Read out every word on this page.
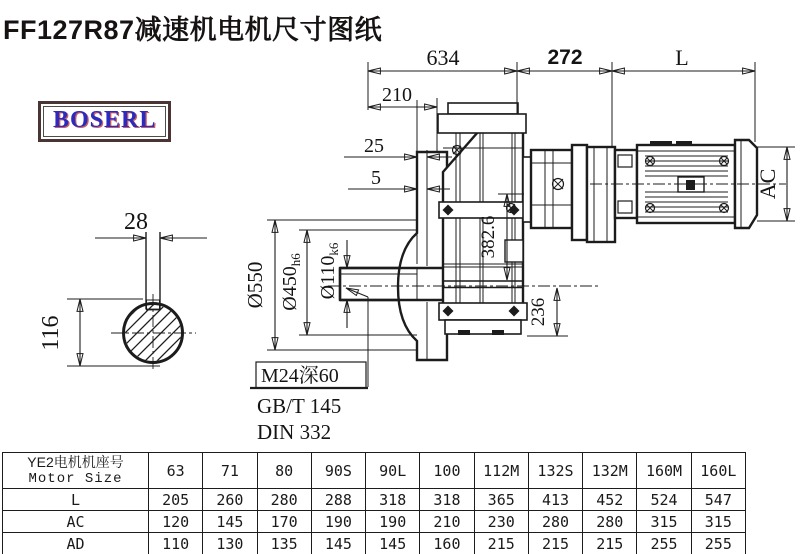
FF127R87减速机电机尺寸图纸
BOSERL
28
116
634	272	L
210
25
5
Ø550 $Ø450_{h6}$ $Ø110_{k6}$	382.6
236
AC
M24深60
GB/T 145
DIN 332
YE2电机机座号
Motor Size	63	71	80	90S	90L	100	112M	132S	132M	160M	160L
L	205	260	280	288	318	318	365	413	452	524	547
AC	120	145	170	190	190	210	230	280	280	315	315
AD	110	130	135	145	145	160	215	215	215	255	255
